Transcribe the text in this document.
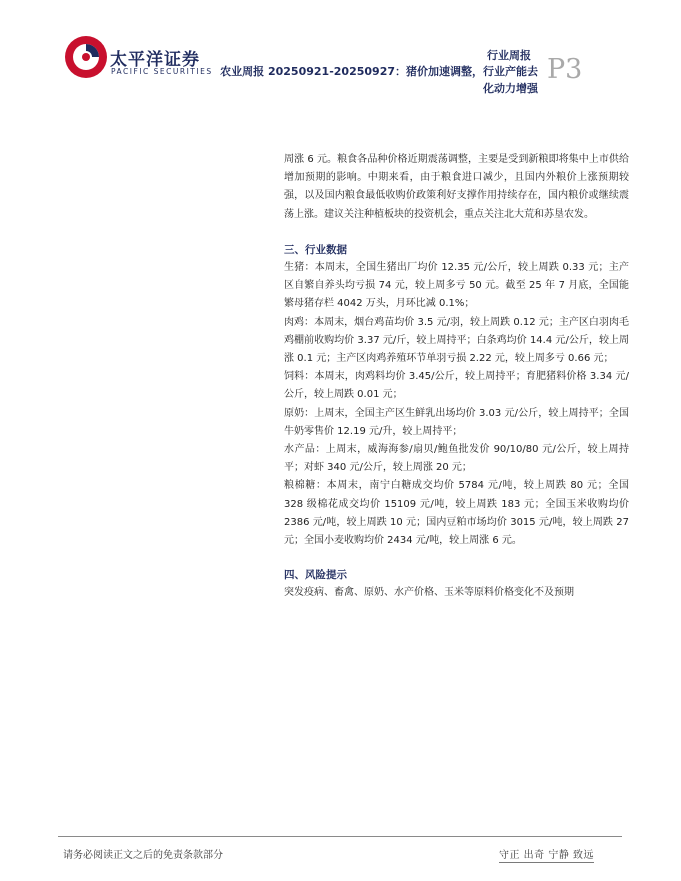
太平洋证券
PACIFIC SECURITIES
行业周报
农业周报 20250921-20250927：猪价加速调整，行业产能去化动力增强
P3

周涨 6 元。粮食各品种价格近期震荡调整，主要是受到新粮即将集中上市供给增加预期的影响。中期来看，由于粮食进口减少，且国内外粮价上涨预期较强，以及国内粮食最低收购价政策利好支撑作用持续存在，国内粮价或继续震荡上涨。建议关注种植板块的投资机会，重点关注北大荒和苏垦农发。

三、行业数据

生猪：本周末，全国生猪出厂均价 12.35 元/公斤，较上周跌 0.33 元；主产区自繁自养头均亏损 74 元，较上周多亏 50 元。截至 25 年 7 月底，全国能繁母猪存栏 4042 万头，月环比减 0.1%；

肉鸡：本周末，烟台鸡苗均价 3.5 元/羽，较上周跌 0.12 元；主产区白羽肉毛鸡棚前收购均价 3.37 元/斤，较上周持平；白条鸡均价 14.4 元/公斤，较上周涨 0.1 元；主产区肉鸡养殖环节单羽亏损 2.22 元，较上周多亏 0.66 元；

饲料：本周末，肉鸡料均价 3.45/公斤，较上周持平；育肥猪料价格 3.34 元/公斤，较上周跌 0.01 元；

原奶：上周末，全国主产区生鲜乳出场均价 3.03 元/公斤，较上周持平；全国牛奶零售价 12.19 元/升，较上周持平；

水产品：上周末，威海海参/扇贝/鲍鱼批发价 90/10/80 元/公斤，较上周持平；对虾 340 元/公斤，较上周涨 20 元；

粮棉糖：本周末，南宁白糖成交均价 5784 元/吨，较上周跌 80 元；全国 328 级棉花成交均价 15109 元/吨，较上周跌 183 元；全国玉米收购均价 2386 元/吨，较上周跌 10 元；国内豆粕市场均价 3015 元/吨，较上周跌 27 元；全国小麦收购均价 2434 元/吨，较上周涨 6 元。

四、风险提示

突发疫病、畜禽、原奶、水产价格、玉米等原料价格变化不及预期

请务必阅读正文之后的免责条款部分	守正 出奇 宁静 致远
